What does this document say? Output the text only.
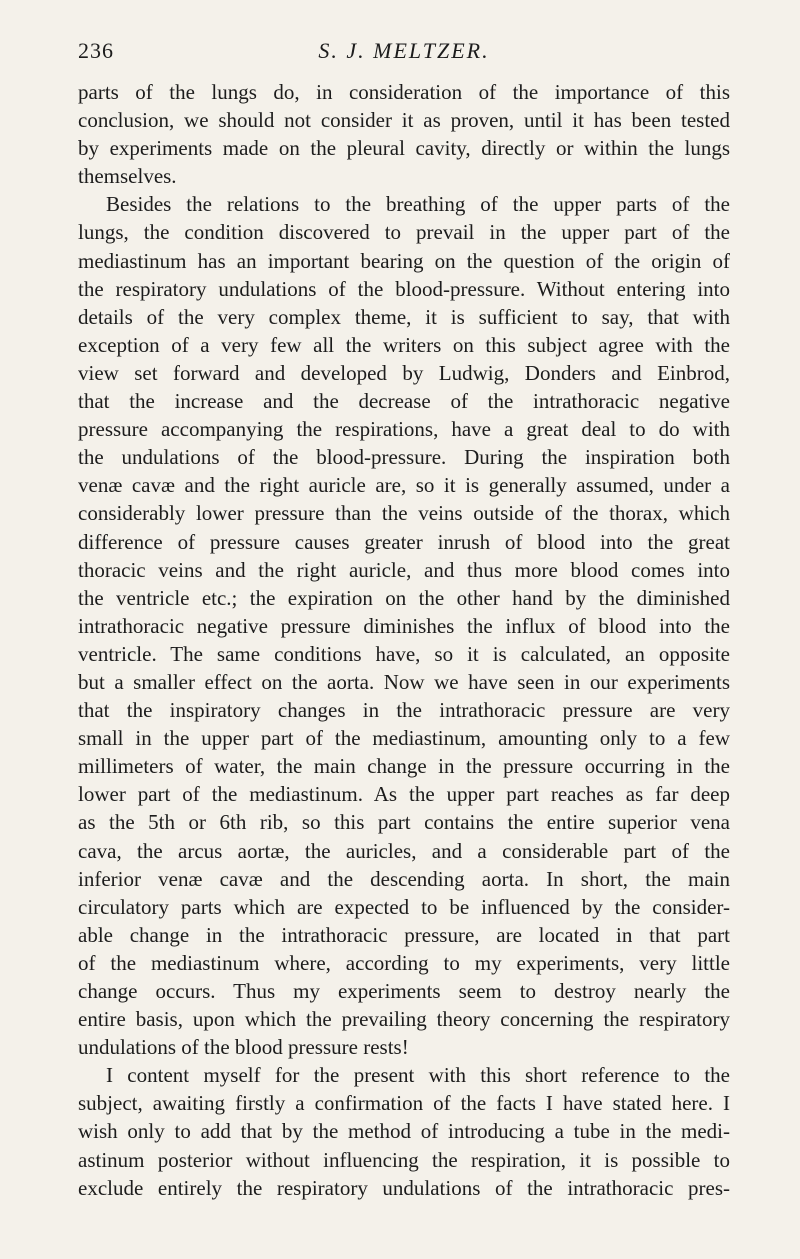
236	S. J. MELTZER.

parts of the lungs do, in consideration of the importance of this

conclusion, we should not consider it as proven, until it has been tested

by experiments made on the pleural cavity, directly or within the lungs

themselves.

Besides the relations to the breathing of the upper parts of the

lungs, the condition discovered to prevail in the upper part of the

mediastinum has an important bearing on the question of the origin of

the respiratory undulations of the blood-pressure. Without entering into

details of the very complex theme, it is sufficient to say, that with

exception of a very few all the writers on this subject agree with the

view set forward and developed by Ludwig, Donders and Einbrod,

that the increase and the decrease of the intrathoracic negative

pressure accompanying the respirations, have a great deal to do with

the undulations of the blood-pressure. During the inspiration both

venæ cavæ and the right auricle are, so it is generally assumed, under a

considerably lower pressure than the veins outside of the thorax, which

difference of pressure causes greater inrush of blood into the great

thoracic veins and the right auricle, and thus more blood comes into

the ventricle etc.; the expiration on the other hand by the diminished

intrathoracic negative pressure diminishes the influx of blood into the

ventricle. The same conditions have, so it is calculated, an opposite

but a smaller effect on the aorta. Now we have seen in our experiments

that the inspiratory changes in the intrathoracic pressure are very

small in the upper part of the mediastinum, amounting only to a few

millimeters of water, the main change in the pressure occurring in the

lower part of the mediastinum. As the upper part reaches as far deep

as the 5th or 6th rib, so this part contains the entire superior vena

cava, the arcus aortæ, the auricles, and a considerable part of the

inferior venæ cavæ and the descending aorta. In short, the main

circulatory parts which are expected to be influenced by the consider-

able change in the intrathoracic pressure, are located in that part

of the mediastinum where, according to my experiments, very little

change occurs. Thus my experiments seem to destroy nearly the

entire basis, upon which the prevailing theory concerning the respiratory

undulations of the blood pressure rests!

I content myself for the present with this short reference to the

subject, awaiting firstly a confirmation of the facts I have stated here. I

wish only to add that by the method of introducing a tube in the medi-

astinum posterior without influencing the respiration, it is possible to

exclude entirely the respiratory undulations of the intrathoracic pres-
